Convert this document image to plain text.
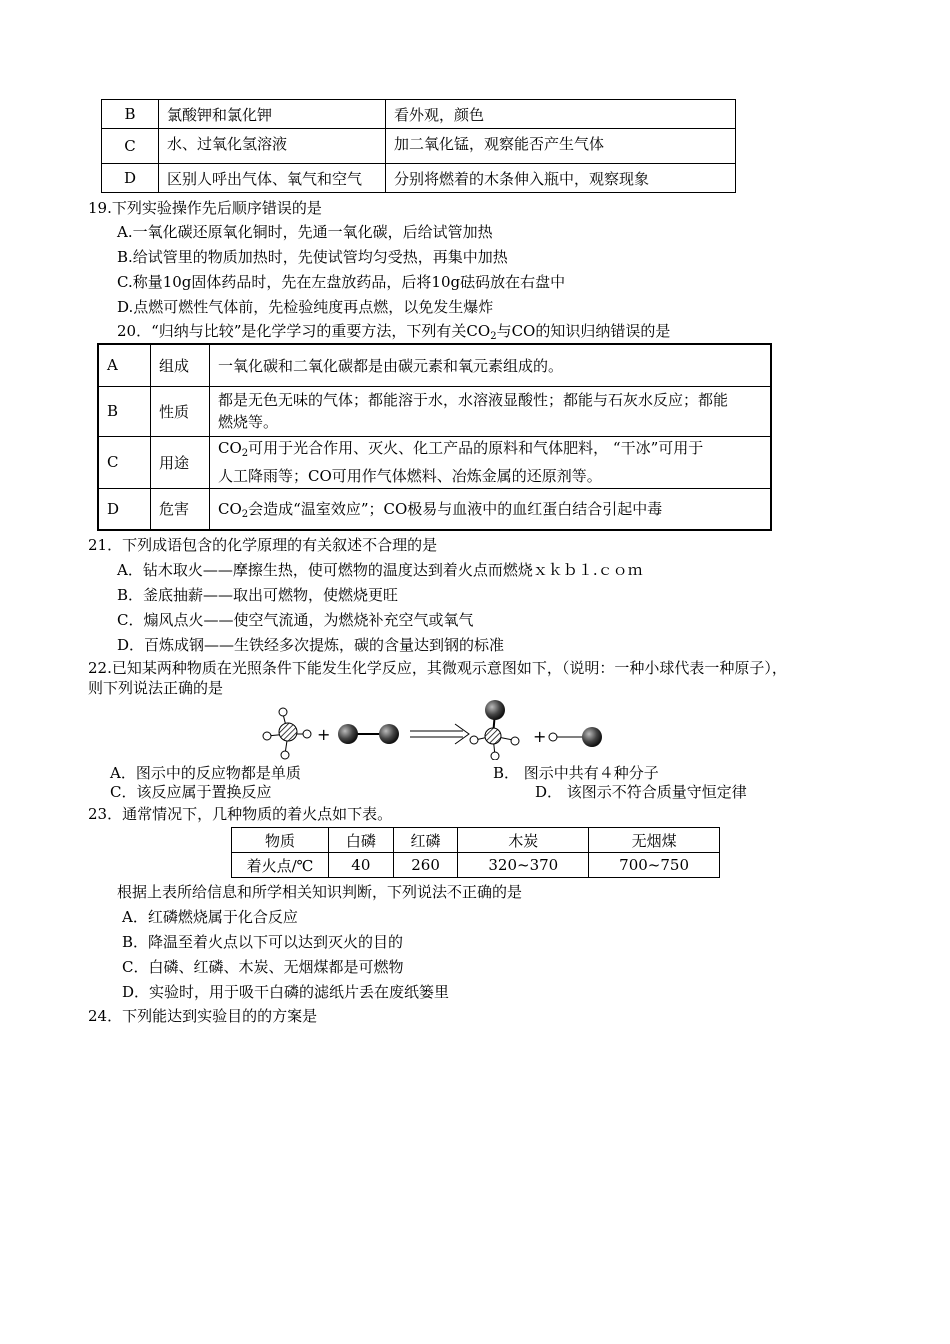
B	氯酸钾和氯化钾	看外观，颜色
C	水、过氧化氢溶液	加二氧化锰，观察能否产生气体
D	区别人呼出气体、氧气和空气	分别将燃着的木条伸入瓶中，观察现象
19.下列实验操作先后顺序错误的是
A.一氧化碳还原氧化铜时，先通一氧化碳，后给试管加热
B.给试管里的物质加热时，先使试管均匀受热，再集中加热
C.称量10g固体药品时，先在左盘放药品，后将10g砝码放在右盘中
D.点燃可燃性气体前，先检验纯度再点燃，以免发生爆炸
20．“归纳与比较”是化学学习的重要方法，下列有关$CO_2$与CO的知识归纳错误的是
A	组成	一氧化碳和二氧化碳都是由碳元素和氧元素组成的。
B	性质	都是无色无味的气体；都能溶于水，水溶液显酸性；都能与石灰水反应；都能
燃烧等。

C	用途	$CO_2$可用于光合作用、灭火、化工产品的原料和气体肥料， “干冰”可用于
人工降雨等；CO可用作气体燃料、冶炼金属的还原剂等。

D	危害	$CO_2$会造成“温室效应”；CO极易与血液中的血红蛋白结合引起中毒
21．下列成语包含的化学原理的有关叙述不合理的是
A．钻木取火——摩擦生热，使可燃物的温度达到着火点而燃烧ｘｋｂ１.ｃｏｍ
B．釜底抽薪——取出可燃物，使燃烧更旺
C．煽风点火——使空气流通，为燃烧补充空气或氧气
D．百炼成钢——生铁经多次提炼，碳的含量达到钢的标准
22.已知某两种物质在光照条件下能发生化学反应，其微观示意图如下，（说明：一种小球代表一种原子），
则下列说法正确的是
+	+
A．图示中的反应物都是单质	B． 图示中共有４种分子
C．该反应属于置换反应	D． 该图示不符合质量守恒定律
23．通常情况下，几种物质的着火点如下表。
物质	白磷	红磷	木炭	无烟煤
着火点/℃	40	260	320~370	700~750
根据上表所给信息和所学相关知识判断，下列说法不正确的是
A．红磷燃烧属于化合反应
B．降温至着火点以下可以达到灭火的目的
C．白磷、红磷、木炭、无烟煤都是可燃物
D．实验时，用于吸干白磷的滤纸片丢在废纸篓里
24．下列能达到实验目的的方案是
